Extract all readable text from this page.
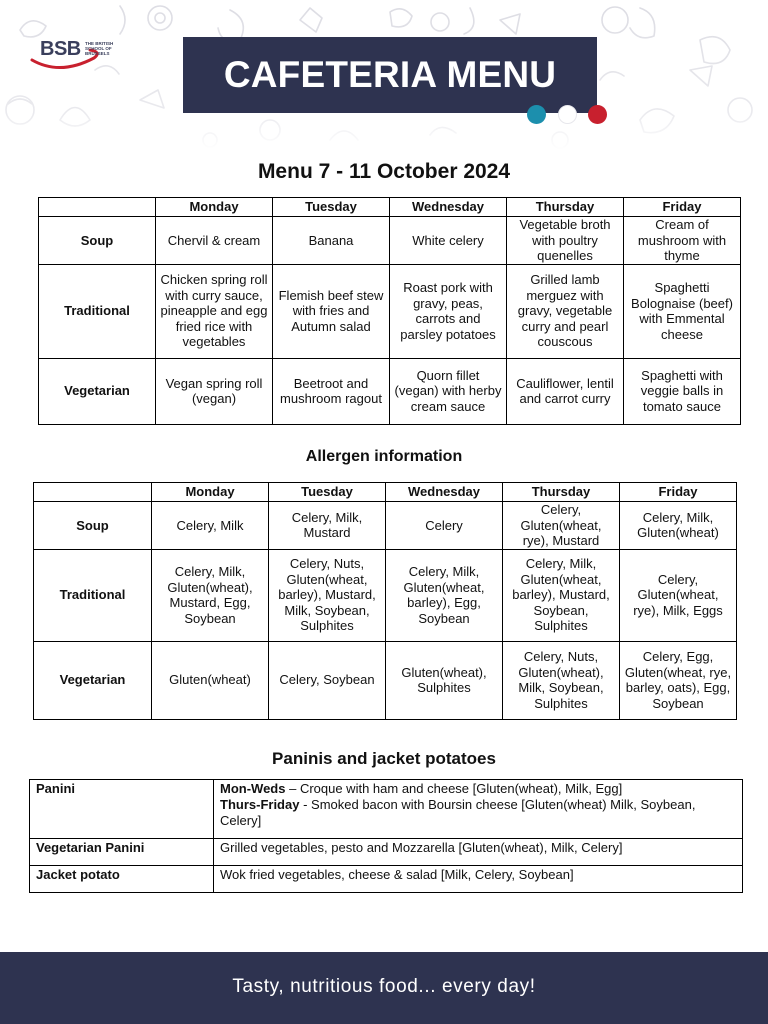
BSB THE BRITISH
SCHOOL OF
BRUSSELS
CAFETERIA MENU
Menu 7 - 11 October 2024
	Monday	Tuesday	Wednesday	Thursday	Friday
Soup	Chervil & cream	Banana	White celery	Vegetable broth with poultry quenelles	Cream of mushroom with thyme
Traditional	Chicken spring roll with curry sauce, pineapple and egg fried rice with vegetables	Flemish beef stew with fries and Autumn salad	Roast pork with gravy, peas, carrots and parsley potatoes	Grilled lamb merguez with gravy, vegetable curry and pearl couscous	Spaghetti Bolognaise (beef) with Emmental cheese
Vegetarian	Vegan spring roll (vegan)	Beetroot and mushroom ragout	Quorn fillet (vegan) with herby cream sauce	Cauliflower, lentil and carrot curry	Spaghetti with veggie balls in tomato sauce
Allergen information
	Monday	Tuesday	Wednesday	Thursday	Friday
Soup	Celery, Milk	Celery, Milk, Mustard	Celery	Celery, Gluten(wheat, rye), Mustard	Celery, Milk, Gluten(wheat)
Traditional	Celery, Milk, Gluten(wheat), Mustard, Egg, Soybean	Celery, Nuts, Gluten(wheat, barley), Mustard, Milk, Soybean, Sulphites	Celery, Milk, Gluten(wheat, barley), Egg, Soybean	Celery, Milk, Gluten(wheat, barley), Mustard, Soybean, Sulphites	Celery, Gluten(wheat, rye), Milk, Eggs
Vegetarian	Gluten(wheat)	Celery, Soybean	Gluten(wheat), Sulphites	Celery, Nuts, Gluten(wheat), Milk, Soybean, Sulphites	Celery, Egg, Gluten(wheat, rye, barley, oats), Egg, Soybean
Paninis and jacket potatoes
Panini	Mon-Weds – Croque with ham and cheese [Gluten(wheat), Milk, Egg]
Thurs-Friday - Smoked bacon with Boursin cheese [Gluten(wheat) Milk, Soybean, Celery]
Vegetarian Panini	Grilled vegetables, pesto and Mozzarella [Gluten(wheat), Milk, Celery]
Jacket potato	Wok fried vegetables, cheese & salad [Milk, Celery, Soybean]
Tasty, nutritious food... every day!
